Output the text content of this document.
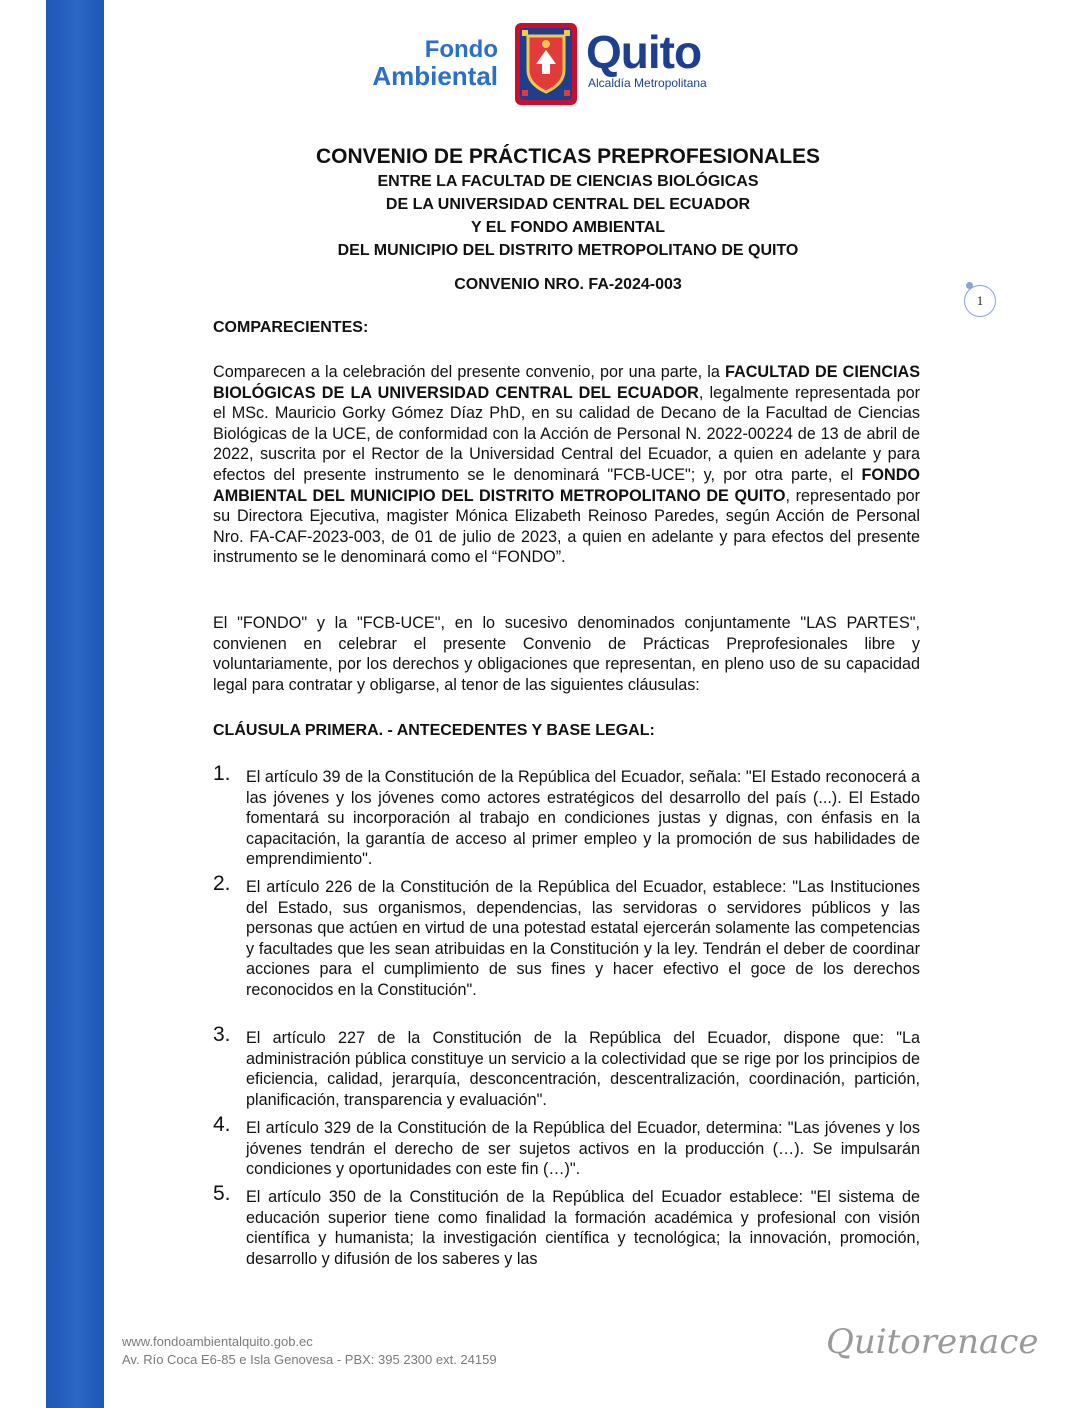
Fondo
Ambiental Quito
Alcaldía Metropolitana
CONVENIO DE PRÁCTICAS PREPROFESIONALES
ENTRE LA FACULTAD DE CIENCIAS BIOLÓGICAS
DE LA UNIVERSIDAD CENTRAL DEL ECUADOR
Y EL FONDO AMBIENTAL
DEL MUNICIPIO DEL DISTRITO METROPOLITANO DE QUITO
CONVENIO NRO. FA-2024-003
1
COMPARECIENTES:
Comparecen a la celebración del presente convenio, por una parte, la FACULTAD DE CIENCIAS BIOLÓGICAS DE LA UNIVERSIDAD CENTRAL DEL ECUADOR, legalmente representada por el MSc. Mauricio Gorky Gómez Díaz PhD, en su calidad de Decano de la Facultad de Ciencias Biológicas de la UCE, de conformidad con la Acción de Personal N. 2022-00224 de 13 de abril de 2022, suscrita por el Rector de la Universidad Central del Ecuador, a quien en adelante y para efectos del presente instrumento se le denominará "FCB-UCE"; y, por otra parte, el FONDO AMBIENTAL DEL MUNICIPIO DEL DISTRITO METROPOLITANO DE QUITO, representado por su Directora Ejecutiva, magister Mónica Elizabeth Reinoso Paredes, según Acción de Personal Nro. FA-CAF-2023-003, de 01 de julio de 2023, a quien en adelante y para efectos del presente instrumento se le denominará como el “FONDO”.
El "FONDO" y la "FCB-UCE", en lo sucesivo denominados conjuntamente "LAS PARTES", convienen en celebrar el presente Convenio de Prácticas Preprofesionales libre y voluntariamente, por los derechos y obligaciones que representan, en pleno uso de su capacidad legal para contratar y obligarse, al tenor de las siguientes cláusulas:
CLÁUSULA PRIMERA. - ANTECEDENTES Y BASE LEGAL:
1. El artículo 39 de la Constitución de la República del Ecuador, señala: "El Estado reconocerá a las jóvenes y los jóvenes como actores estratégicos del desarrollo del país (...). El Estado fomentará su incorporación al trabajo en condiciones justas y dignas, con énfasis en la capacitación, la garantía de acceso al primer empleo y la promoción de sus habilidades de emprendimiento".
2. El artículo 226 de la Constitución de la República del Ecuador, establece: "Las Instituciones del Estado, sus organismos, dependencias, las servidoras o servidores públicos y las personas que actúen en virtud de una potestad estatal ejercerán solamente las competencias y facultades que les sean atribuidas en la Constitución y la ley. Tendrán el deber de coordinar acciones para el cumplimiento de sus fines y hacer efectivo el goce de los derechos reconocidos en la Constitución".
3. El artículo 227 de la Constitución de la República del Ecuador, dispone que: "La administración pública constituye un servicio a la colectividad que se rige por los principios de eficiencia, calidad, jerarquía, desconcentración, descentralización, coordinación, partición, planificación, transparencia y evaluación".
4. El artículo 329 de la Constitución de la República del Ecuador, determina: "Las jóvenes y los jóvenes tendrán el derecho de ser sujetos activos en la producción (…). Se impulsarán condiciones y oportunidades con este fin (…)".
5. El artículo 350 de la Constitución de la República del Ecuador establece: "El sistema de educación superior tiene como finalidad la formación académica y profesional con visión científica y humanista; la investigación científica y tecnológica; la innovación, promoción, desarrollo y difusión de los saberes y las
www.fondoambientalquito.gob.ec
Av. Río Coca E6-85 e Isla Genovesa - PBX: 395 2300 ext. 24159	Quitorenace
